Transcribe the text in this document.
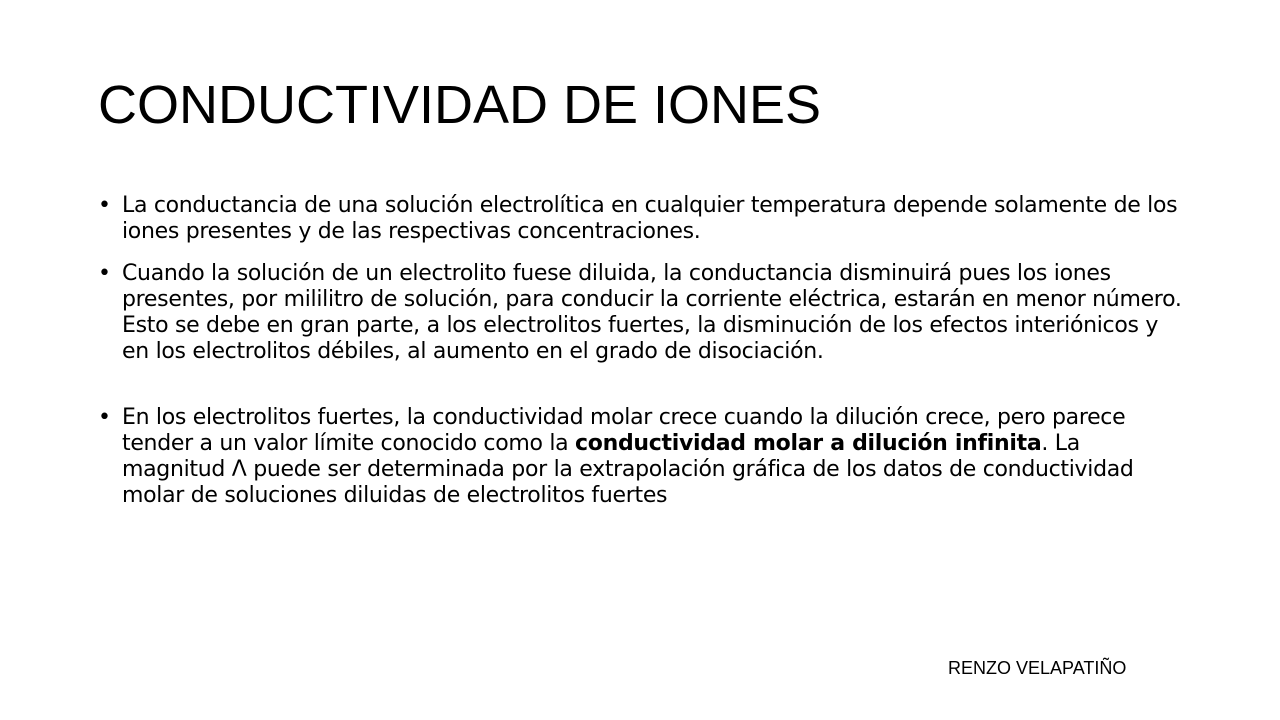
CONDUCTIVIDAD DE IONES
• La conductancia de una solución electrolítica en cualquier temperatura depende solamente de los iones presentes y de las respectivas concentraciones.
• Cuando la solución de un electrolito fuese diluida, la conductancia disminuirá pues los iones presentes, por mililitro de solución, para conducir la corriente eléctrica, estarán en menor número. Esto se debe en gran parte, a los electrolitos fuertes, la disminución de los efectos interiónicos y en los electrolitos débiles, al aumento en el grado de disociación.
• En los electrolitos fuertes, la conductividad molar crece cuando la dilución crece, pero parece tender a un valor límite conocido como la conductividad molar a dilución infinita. La magnitud Λ puede ser determinada por la extrapolación gráfica de los datos de conductividad molar de soluciones diluidas de electrolitos fuertes
RENZO VELAPATIÑO
